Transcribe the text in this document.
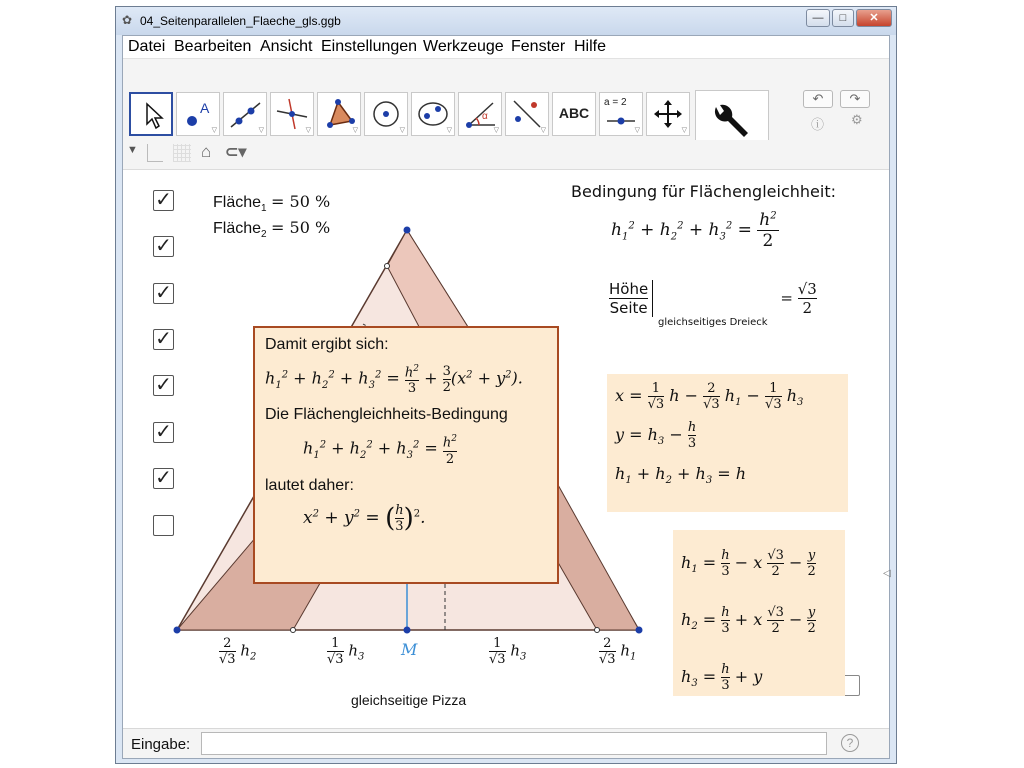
✿ 04_Seitenparallelen_Flaeche_gls.ggb	—	□	✕
Datei Bearbeiten Ansicht Einstellungen Werkzeuge Fenster Hilfe
A
▽	▽	▽	▽	▽	▽
α
▽	▽
ABC
a = 2
▽	▽
↶	↷
ⓘ ⚙
▼	⌂ ⊂▾
✓
✓
✓
✓
✓
✓
✓
Fläche$_1$ = 50 %
Fläche$_2$ = 50 %
Bedingung für Flächengleichheit:
$h_1^2 + h_2^2 + h_3^2 = \frac{h^2}{2}$
Höhe
Seite
$_{gleichseitiges Dreieck} = \frac{√3}{2}$
$x = \frac{1}{√3}$ $h - \frac{2}{√3} h_1 - \frac{1}{√3} h_3$
$y = h_3 - \frac{h}{3}$

$h_1 + h_2 + h_3 = h$
$h_1 = \frac{h}{3} - x \frac{√3}{2} - \frac{y}{2}$

$h_2 = \frac{h}{3} + x \frac{√3}{2} - \frac{y}{2}$

$h_3 = \frac{h}{3} + y$
Damit ergibt sich:
$h_1^2 + h_2^2 + h_3^2 = \frac{h^2}{3} + \frac{3}{2} (x^2 + y^2)$.
Die Flächengleichheits-Bedingung
$h_1^2 + h_2^2 + h_3^2 = \frac{h^2}{2}$
lautet daher:
$x^2 + y^2$ = ( $\frac{h}{3} )^2$.
$\frac{2}{√3} h_2$	$\frac{1}{√3} h_3$ M	$\frac{1}{√3} h_3$	$\frac{2}{√3} h_1$
gleichseitige Pizza
◁
Eingabe:	?
